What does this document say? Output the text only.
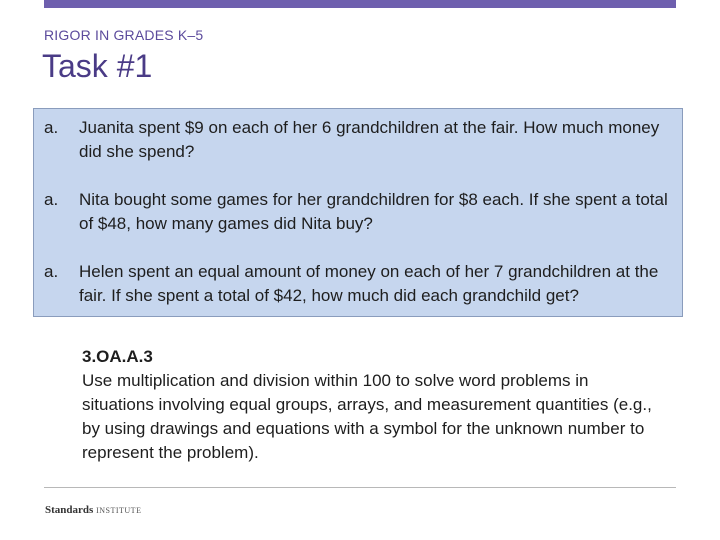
RIGOR IN GRADES K–5
Task #1
a.	Juanita spent $9 on each of her 6 grandchildren at the fair. How much money did she spend?
a.	Nita bought some games for her grandchildren for $8 each. If she spent a total of $48, how many games did Nita buy?
a.	Helen spent an equal amount of money on each of her 7 grandchildren at the fair. If she spent a total of $42, how much did each grandchild get?
3.OA.A.3
Use multiplication and division within 100 to solve word problems in situations involving equal groups, arrays, and measurement quantities (e.g., by using drawings and equations with a symbol for the unknown number to represent the problem).
Standards INSTITUTE
